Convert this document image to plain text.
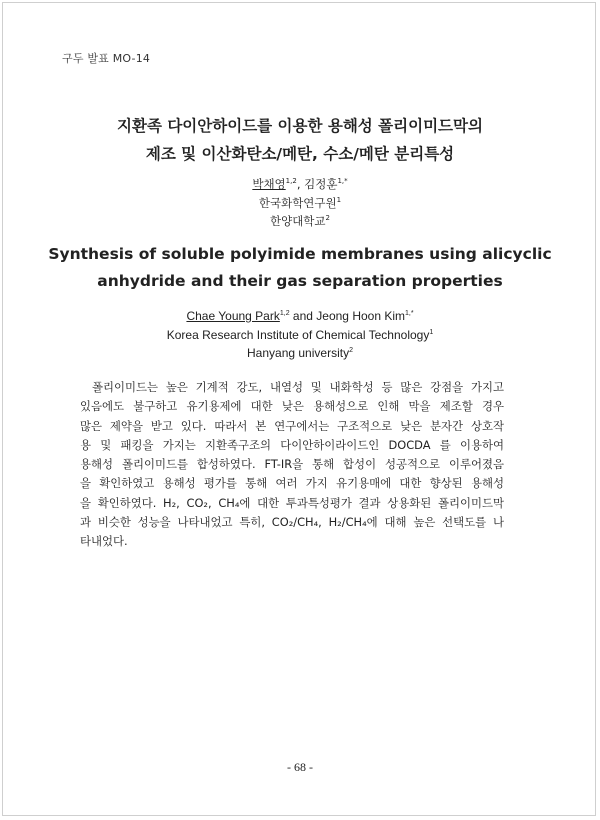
구두 발표 MO-14
지환족 다이안하이드를 이용한 용해성 폴리이미드막의
제조 및 이산화탄소/메탄, 수소/메탄 분리특성
박채영$^{1,2}$, 김정훈$^{1,*}$
한국화학연구원$^1$
한양대학교$^2$
Synthesis of soluble polyimide membranes using alicyclic
anhydride and their gas separation properties
Chae Young Park$^{1,2}$ and Jeong Hoon Kim$^{1,*}$
Korea Research Institute of Chemical Technology$^1$
Hanyang university$^2$
폴리이미드는 높은 기계적 강도, 내열성 및 내화학성 등 많은 강점을 가지고
있음에도 불구하고 유기용제에 대한 낮은 용해성으로 인해 막을 제조할 경우
많은 제약을 받고 있다. 따라서 본 연구에서는 구조적으로 낮은 분자간 상호작
용 및 패킹을 가지는 지환족구조의 다이안하이라이드인 DOCDA 를 이용하여
용해성 폴리이미드를 합성하였다. FT-IR을 통해 합성이 성공적으로 이루어졌음
을 확인하였고 용해성 평가를 통해 여러 가지 유기용매에 대한 향상된 용해성
을 확인하였다. H₂, CO₂, CH₄에 대한 투과특성평가 결과 상용화된 폴리이미드막
과 비슷한 성능을 나타내었고 특히, CO₂/CH₄, H₂/CH₄에 대해 높은 선택도를 나
타내었다.
- 68 -
